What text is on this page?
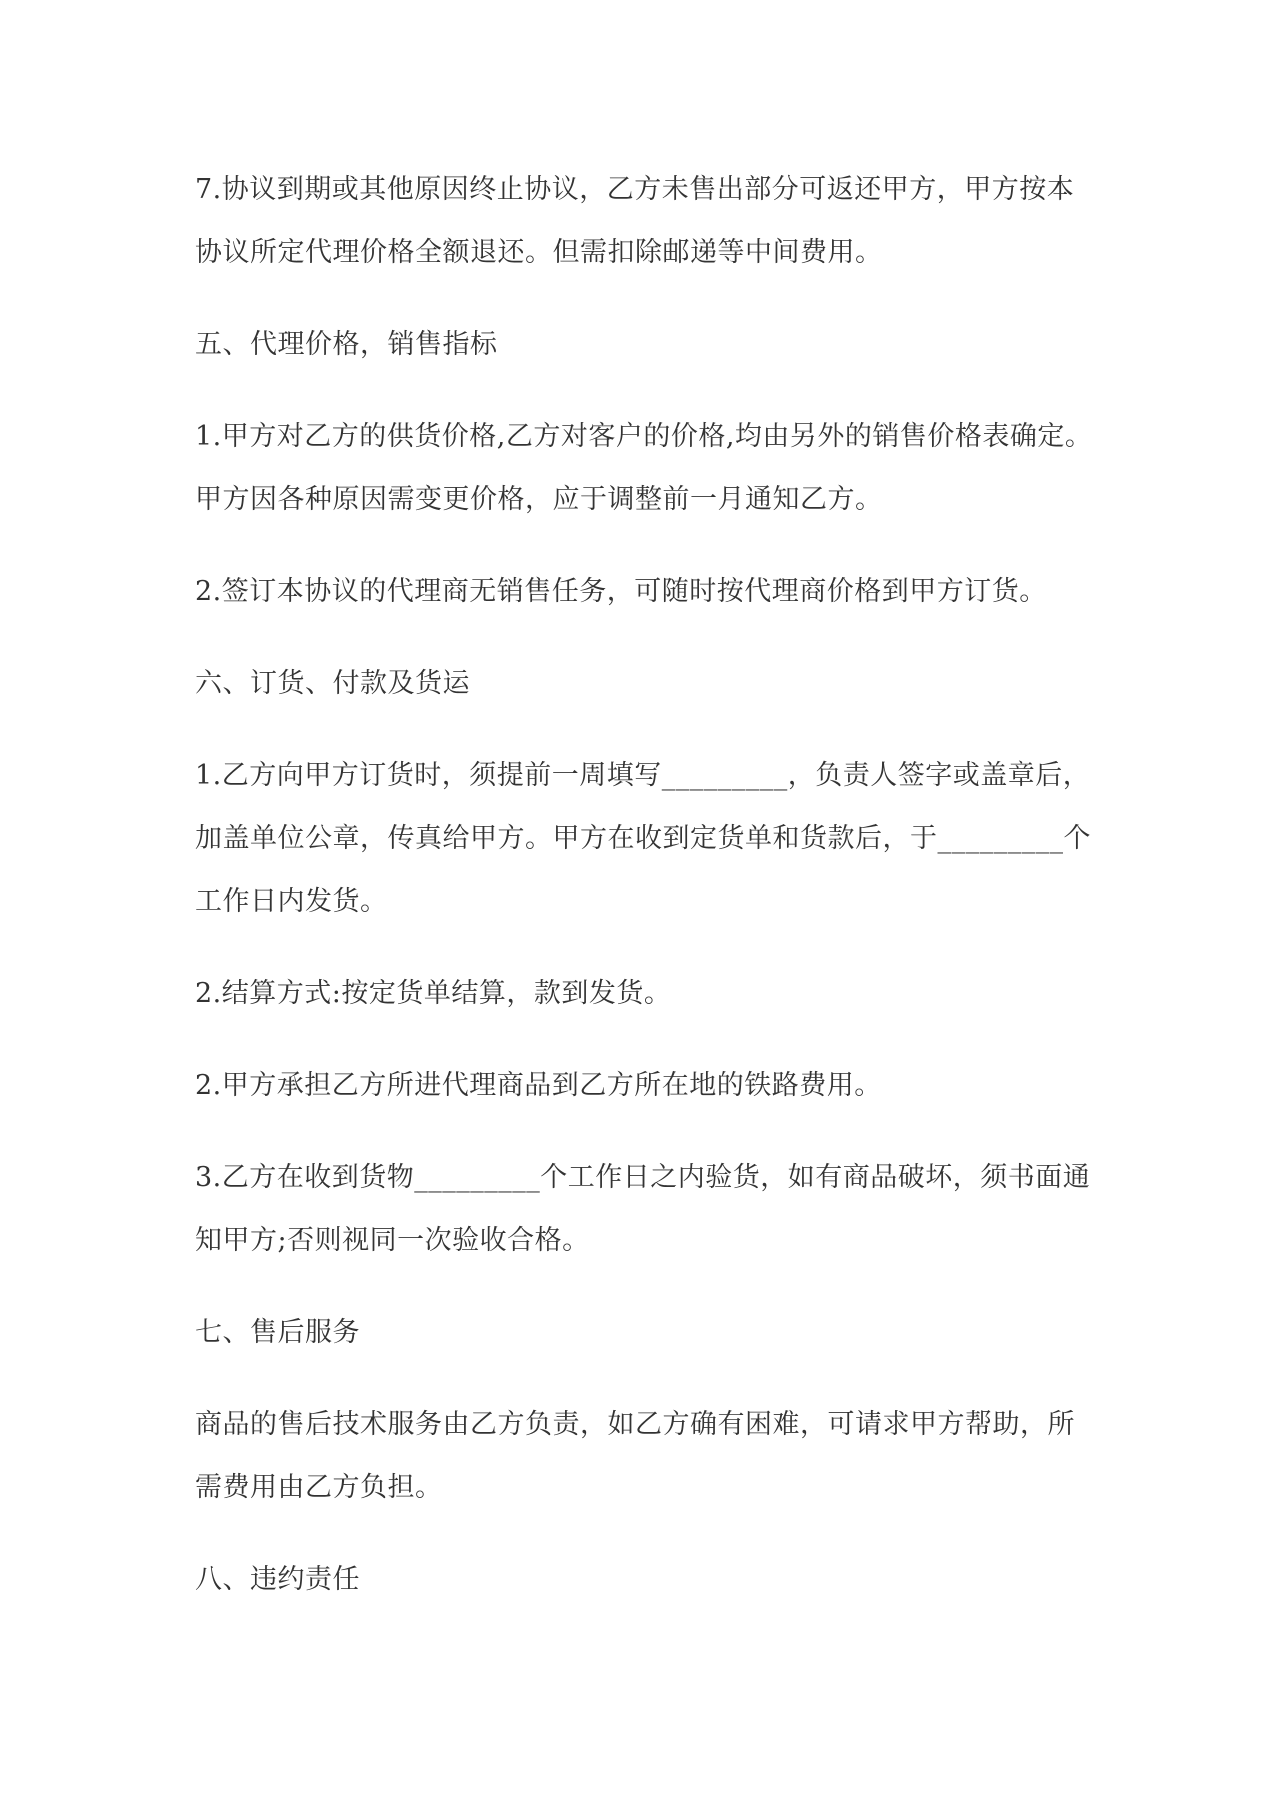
7.协议到期或其他原因终止协议，乙方未售出部分可返还甲方，甲方按本协议所定代理价格全额退还。但需扣除邮递等中间费用。

五、代理价格，销售指标

1.甲方对乙方的供货价格,乙方对客户的价格,均由另外的销售价格表确定。甲方因各种原因需变更价格，应于调整前一月通知乙方。

2.签订本协议的代理商无销售任务，可随时按代理商价格到甲方订货。

六、订货、付款及货运

1.乙方向甲方订货时，须提前一周填写_________，负责人签字或盖章后，加盖单位公章，传真给甲方。甲方在收到定货单和货款后，于_________个工作日内发货。

2.结算方式:按定货单结算，款到发货。

2.甲方承担乙方所进代理商品到乙方所在地的铁路费用。

3.乙方在收到货物_________个工作日之内验货，如有商品破坏，须书面通知甲方;否则视同一次验收合格。

七、售后服务

商品的售后技术服务由乙方负责，如乙方确有困难，可请求甲方帮助，所需费用由乙方负担。

八、违约责任
